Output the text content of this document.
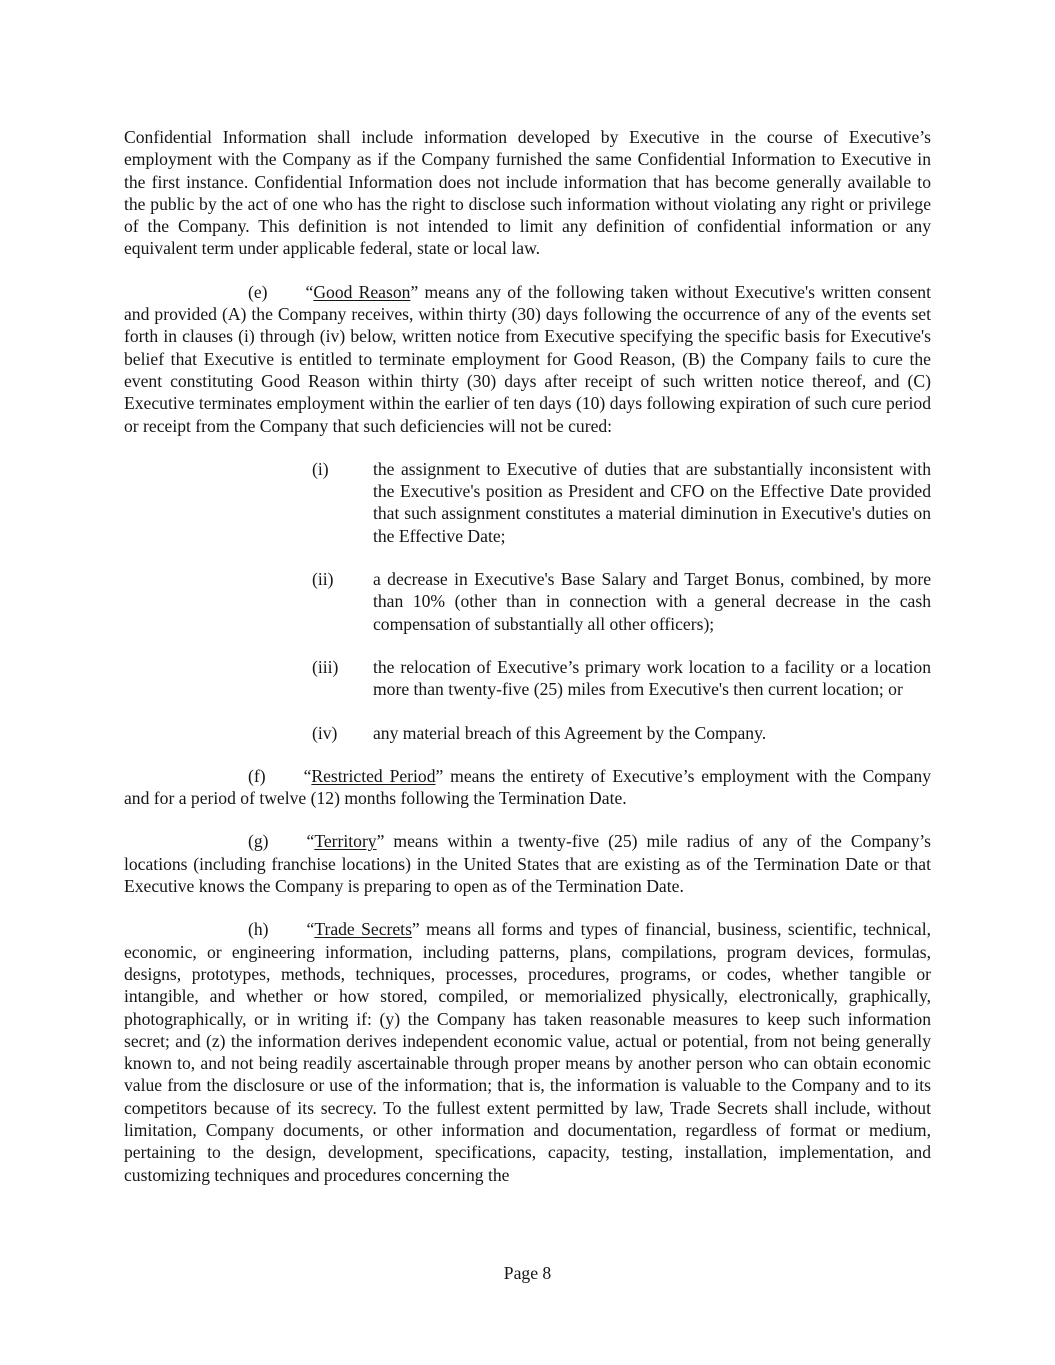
Confidential Information shall include information developed by Executive in the course of Executive’s employment with the Company as if the Company furnished the same Confidential Information to Executive in the first instance. Confidential Information does not include information that has become generally available to the public by the act of one who has the right to disclose such information without violating any right or privilege of the Company. This definition is not intended to limit any definition of confidential information or any equivalent term under applicable federal, state or local law.

(e) “Good Reason” means any of the following taken without Executive's written consent and provided (A) the Company receives, within thirty (30) days following the occurrence of any of the events set forth in clauses (i) through (iv) below, written notice from Executive specifying the specific basis for Executive's belief that Executive is entitled to terminate employment for Good Reason, (B) the Company fails to cure the event constituting Good Reason within thirty (30) days after receipt of such written notice thereof, and (C) Executive terminates employment within the earlier of ten days (10) days following expiration of such cure period or receipt from the Company that such deficiencies will not be cured:

(i)	the assignment to Executive of duties that are substantially inconsistent with the Executive's position as President and CFO on the Effective Date provided that such assignment constitutes a material diminution in Executive's duties on the Effective Date;
(ii) a decrease in Executive's Base Salary and Target Bonus, combined, by more than 10% (other than in connection with a general decrease in the cash compensation of substantially all other officers);
(iii) the relocation of Executive’s primary work location to a facility or a location more than twenty-five (25) miles from Executive's then current location; or
(iv) any material breach of this Agreement by the Company.

(f) “Restricted Period” means the entirety of Executive’s employment with the Company and for a period of twelve (12) months following the Termination Date.

(g) “Territory” means within a twenty-five (25) mile radius of any of the Company’s locations (including franchise locations) in the United States that are existing as of the Termination Date or that Executive knows the Company is preparing to open as of the Termination Date.

(h) “Trade Secrets” means all forms and types of financial, business, scientific, technical, economic, or engineering information, including patterns, plans, compilations, program devices, formulas, designs, prototypes, methods, techniques, processes, procedures, programs, or codes, whether tangible or intangible, and whether or how stored, compiled, or memorialized physically, electronically, graphically, photographically, or in writing if: (y) the Company has taken reasonable measures to keep such information secret; and (z) the information derives independent economic value, actual or potential, from not being generally known to, and not being readily ascertainable through proper means by another person who can obtain economic value from the disclosure or use of the information; that is, the information is valuable to the Company and to its competitors because of its secrecy. To the fullest extent permitted by law, Trade Secrets shall include, without limitation, Company documents, or other information and documentation, regardless of format or medium, pertaining to the design, development, specifications, capacity, testing, installation, implementation, and customizing techniques and procedures concerning the

Page 8
